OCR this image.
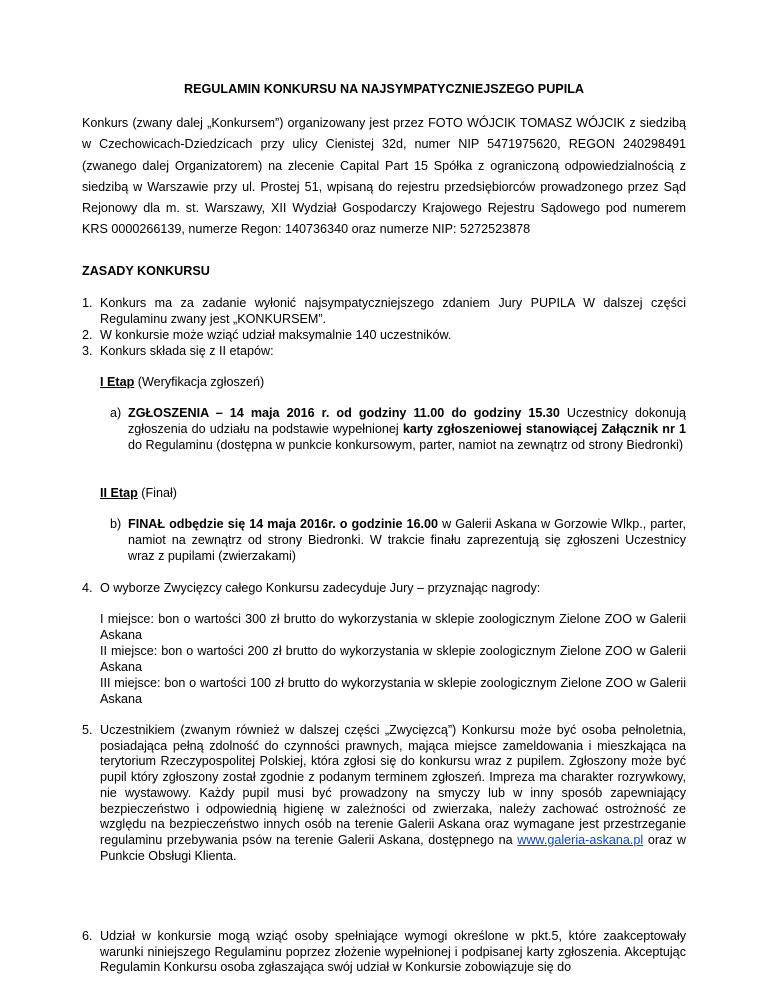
REGULAMIN KONKURSU NA NAJSYMPATYCZNIEJSZEGO PUPILA
Konkurs (zwany dalej „Konkursem”) organizowany jest przez FOTO WÓJCIK TOMASZ WÓJCIK z siedzibą w Czechowicach-Dziedzicach przy ulicy Cienistej 32d, numer NIP 5471975620, REGON 240298491 (zwanego dalej Organizatorem) na zlecenie Capital Part 15 Spółka z ograniczoną odpowiedzialnością z siedzibą w Warszawie przy ul. Prostej 51, wpisaną do rejestru przedsiębiorców prowadzonego przez Sąd Rejonowy dla m. st. Warszawy, XII Wydział Gospodarczy Krajowego Rejestru Sądowego pod numerem KRS 0000266139, numerze Regon: 140736340 oraz numerze NIP: 5272523878
ZASADY KONKURSU
1. Konkurs ma za zadanie wyłonić najsympatyczniejszego zdaniem Jury PUPILA W dalszej części Regulaminu zwany jest „KONKURSEM”.
2. W konkursie może wziąć udział maksymalnie 140 uczestników.
3. Konkurs składa się z II etapów:
I Etap (Weryfikacja zgłoszeń)
a) ZGŁOSZENIA – 14 maja 2016 r. od godziny 11.00 do godziny 15.30 Uczestnicy dokonują zgłoszenia do udziału na podstawie wypełnionej karty zgłoszeniowej stanowiącej Załącznik nr 1 do Regulaminu (dostępna w punkcie konkursowym, parter, namiot na zewnątrz od strony Biedronki)
II Etap (Finał)
b) FINAŁ odbędzie się 14 maja 2016r. o godzinie 16.00 w Galerii Askana w Gorzowie Wlkp., parter, namiot na zewnątrz od strony Biedronki. W trakcie finału zaprezentują się zgłoszeni Uczestnicy wraz z pupilami (zwierzakami)
4. O wyborze Zwycięzcy całego Konkursu zadecyduje Jury – przyznając nagrody:
I miejsce: bon o wartości 300 zł brutto do wykorzystania w sklepie zoologicznym Zielone ZOO w Galerii Askana
II miejsce: bon o wartości 200 zł brutto do wykorzystania w sklepie zoologicznym Zielone ZOO w Galerii Askana
III miejsce: bon o wartości 100 zł brutto do wykorzystania w sklepie zoologicznym Zielone ZOO w Galerii Askana
5. Uczestnikiem (zwanym również w dalszej części „Zwycięzcą”) Konkursu może być osoba pełnoletnia, posiadająca pełną zdolność do czynności prawnych, mająca miejsce zameldowania i mieszkająca na terytorium Rzeczypospolitej Polskiej, która zgłosi się do konkursu wraz z pupilem. Zgłoszony może być pupil który zgłoszony został zgodnie z podanym terminem zgłoszeń. Impreza ma charakter rozrywkowy, nie wystawowy. Każdy pupil musi być prowadzony na smyczy lub w inny sposób zapewniający bezpieczeństwo i odpowiednią higienę w zależności od zwierzaka, należy zachować ostrożność ze względu na bezpieczeństwo innych osób na terenie Galerii Askana oraz wymagane jest przestrzeganie regulaminu przebywania psów na terenie Galerii Askana, dostępnego na www.galeria-askana.pl oraz w Punkcie Obsługi Klienta.
6. Udział w konkursie mogą wziąć osoby spełniające wymogi określone w pkt.5, które zaakceptowały warunki niniejszego Regulaminu poprzez złożenie wypełnionej i podpisanej karty zgłoszenia. Akceptując Regulamin Konkursu osoba zgłaszająca swój udział w Konkursie zobowiązuje się do
